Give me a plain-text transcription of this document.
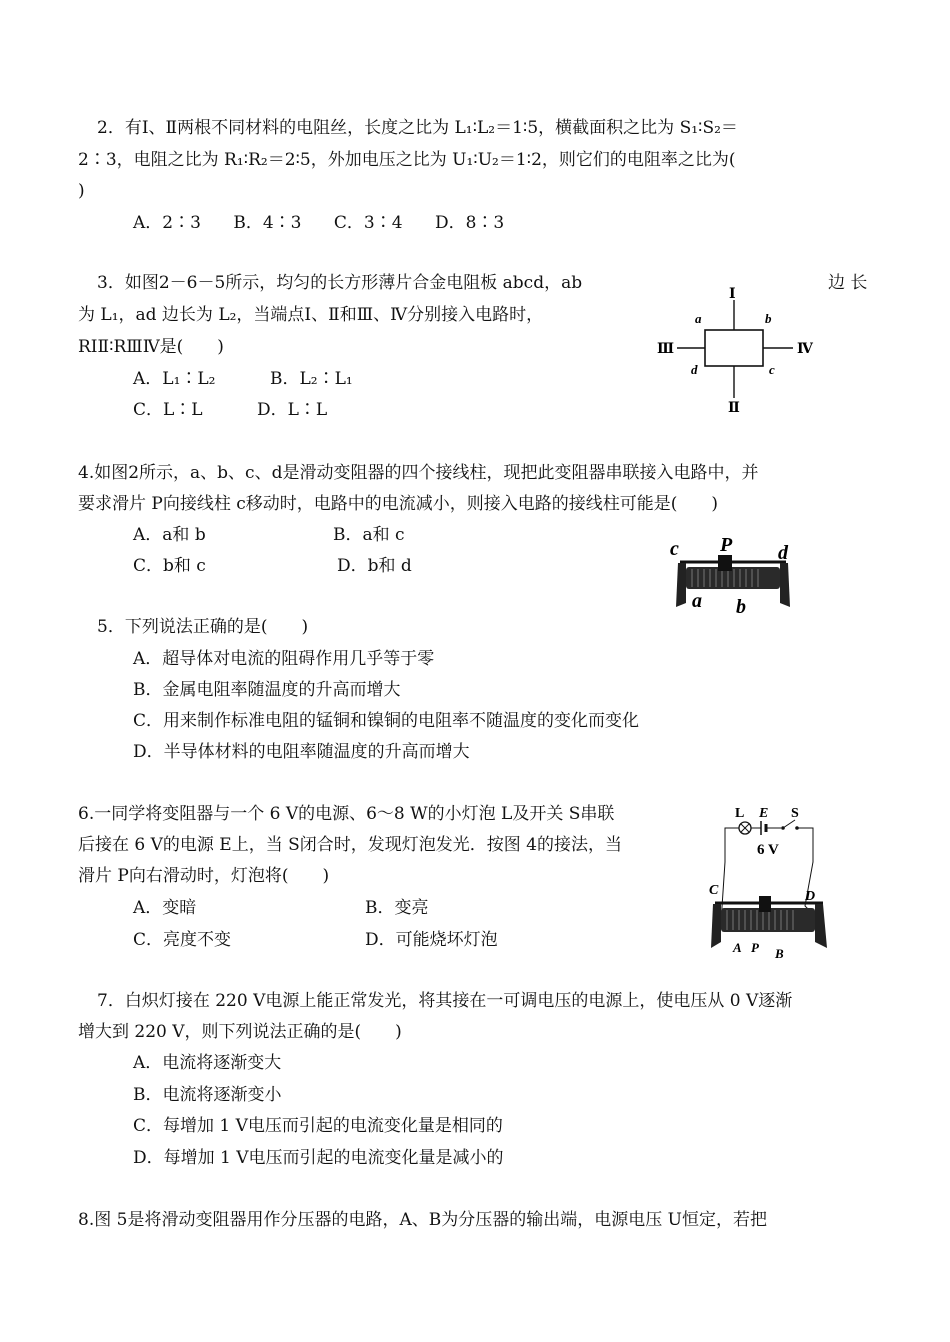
2．有Ⅰ、Ⅱ两根不同材料的电阻丝，长度之比为 L₁∶L₂＝1∶5，横截面积之比为 S₁∶S₂＝
2∶3，电阻之比为 R₁∶R₂＝2∶5，外加电压之比为 U₁∶U₂＝1∶2，则它们的电阻率之比为(
)
A．2∶3      B．4∶3      C．3∶4      D．8∶3
3．如图2－6－5所示，均匀的长方形薄片合金电阻板 abcd，ab	边 长
为 L₁，ad 边长为 L₂，当端点Ⅰ、Ⅱ和Ⅲ、Ⅳ分别接入电路时，
RⅠⅡ∶RⅢⅣ是(　　)
A．L₁∶L₂	B．L₂∶L₁
C．L∶L	D．L∶L
Ⅰ
Ⅱ
Ⅲ	Ⅳ
a	b
c
d
4.如图2所示，a、b、c、d是滑动变阻器的四个接线柱，现把此变阻器串联接入电路中，并
要求滑片 P向接线柱 c移动时，电路中的电流减小，则接入电路的接线柱可能是(　　)
A．a和 b	B．a和 c
C．b和 c	D．b和 d
c P d
a b
5．下列说法正确的是(　　)
A．超导体对电流的阻碍作用几乎等于零
B．金属电阻率随温度的升高而增大
C．用来制作标准电阻的锰铜和镍铜的电阻率不随温度的变化而变化
D．半导体材料的电阻率随温度的升高而增大
6.一同学将变阻器与一个 6 V的电源、6～8 W的小灯泡 L及开关 S串联
后接在 6 V的电源 E上，当 S闭合时，发现灯泡发光．按图 4的接法，当
滑片 P向右滑动时，灯泡将(　　)
A．变暗	B．变亮
C．亮度不变	D．可能烧坏灯泡
L E S
6 V
C	D
A P B
7．白炽灯接在 220 V电源上能正常发光，将其接在一可调电压的电源上，使电压从 0 V逐渐
增大到 220 V，则下列说法正确的是(　　)
A．电流将逐渐变大
B．电流将逐渐变小
C．每增加 1 V电压而引起的电流变化量是相同的
D．每增加 1 V电压而引起的电流变化量是减小的
8.图 5是将滑动变阻器用作分压器的电路，A、B为分压器的输出端，电源电压 U恒定，若把
